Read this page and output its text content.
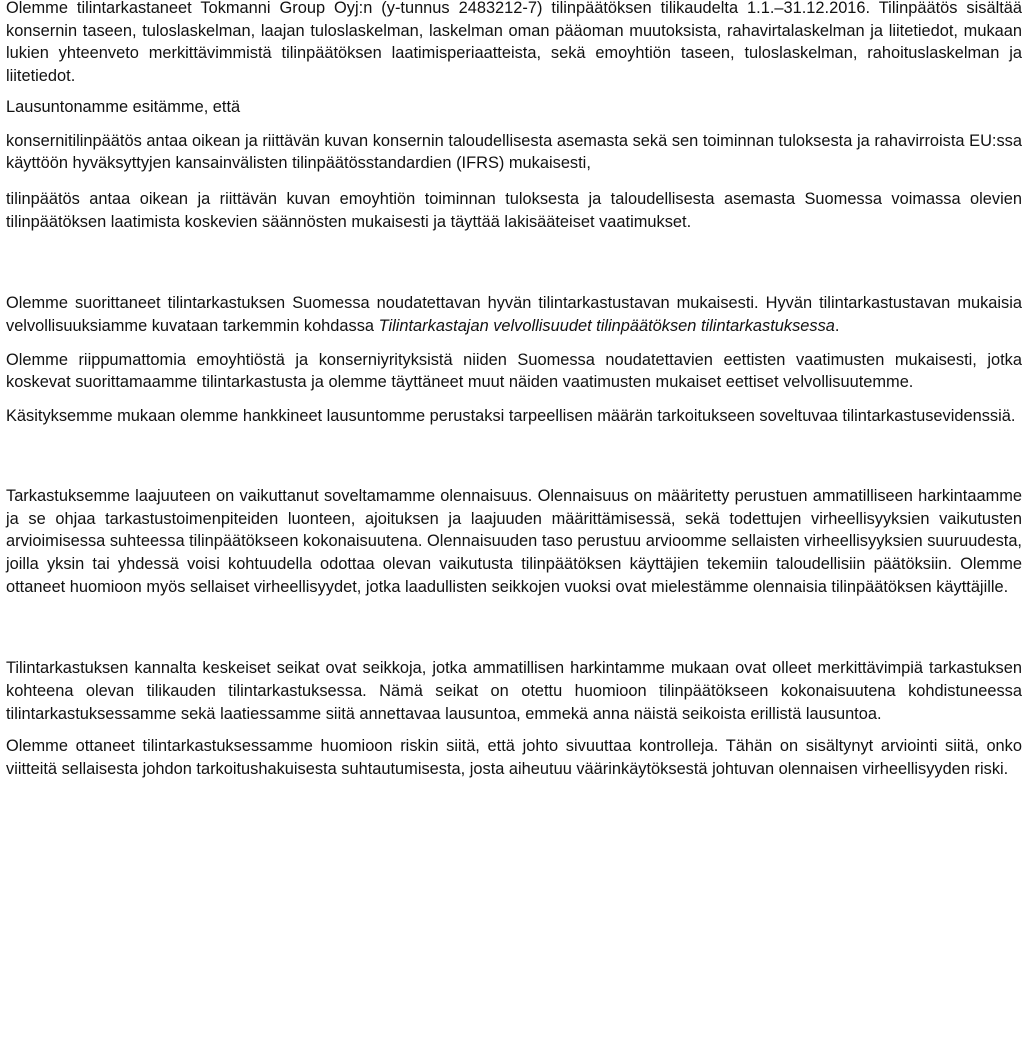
Olemme tilintarkastaneet Tokmanni Group Oyj:n (y-tunnus 2483212-7) tilinpäätöksen tilikaudelta 1.1.–31.12.2016. Tilinpäätös sisältää konsernin taseen, tuloslaskelman, laajan tuloslaskelman, laskelman oman pääoman muutoksista, rahavirtalaskelman ja liitetiedot, mukaan lukien yhteenveto merkittävimmistä tilinpäätöksen laatimisperiaatteista, sekä emoyhtiön taseen, tuloslaskelman, rahoituslaskelman ja liitetiedot.

Lausuntonamme esitämme, että

konsernitilinpäätös antaa oikean ja riittävän kuvan konsernin taloudellisesta asemasta sekä sen toiminnan tuloksesta ja rahavirroista EU:ssa käyttöön hyväksyttyjen kansainvälisten tilinpäätösstandardien (IFRS) mukaisesti,

tilinpäätös antaa oikean ja riittävän kuvan emoyhtiön toiminnan tuloksesta ja taloudellisesta asemasta Suomessa voimassa olevien tilinpäätöksen laatimista koskevien säännösten mukaisesti ja täyttää lakisääteiset vaatimukset.

Olemme suorittaneet tilintarkastuksen Suomessa noudatettavan hyvän tilintarkastustavan mukaisesti. Hyvän tilintarkastustavan mukaisia velvollisuuksiamme kuvataan tarkemmin kohdassa Tilintarkastajan velvollisuudet tilinpäätöksen tilintarkastuksessa.

Olemme riippumattomia emoyhtiöstä ja konserniyrityksistä niiden Suomessa noudatettavien eettisten vaatimusten mukaisesti, jotka koskevat suorittamaamme tilintarkastusta ja olemme täyttäneet muut näiden vaatimusten mukaiset eettiset velvollisuutemme.

Käsityksemme mukaan olemme hankkineet lausuntomme perustaksi tarpeellisen määrän tarkoitukseen soveltuvaa tilintarkastusevidenssiä.

Tarkastuksemme laajuuteen on vaikuttanut soveltamamme olennaisuus. Olennaisuus on määritetty perustuen ammatilliseen harkintaamme ja se ohjaa tarkastustoimenpiteiden luonteen, ajoituksen ja laajuuden määrittämisessä, sekä todettujen virheellisyyksien vaikutusten arvioimisessa suhteessa tilinpäätökseen kokonaisuutena. Olennaisuuden taso perustuu arvioomme sellaisten virheellisyyksien suuruudesta, joilla yksin tai yhdessä voisi kohtuudella odottaa olevan vaikutusta tilinpäätöksen käyttäjien tekemiin taloudellisiin päätöksiin. Olemme ottaneet huomioon myös sellaiset virheellisyydet, jotka laadullisten seikkojen vuoksi ovat mielestämme olennaisia tilinpäätöksen käyttäjille.

Tilintarkastuksen kannalta keskeiset seikat ovat seikkoja, jotka ammatillisen harkintamme mukaan ovat olleet merkittävimpiä tarkastuksen kohteena olevan tilikauden tilintarkastuksessa. Nämä seikat on otettu huomioon tilinpäätökseen kokonaisuutena kohdistuneessa tilintarkastuksessamme sekä laatiessamme siitä annettavaa lausuntoa, emmekä anna näistä seikoista erillistä lausuntoa.

Olemme ottaneet tilintarkastuksessamme huomioon riskin siitä, että johto sivuuttaa kontrolleja. Tähän on sisältynyt arviointi siitä, onko viitteitä sellaisesta johdon tarkoitushakuisesta suhtautumisesta, josta aiheutuu väärinkäytöksestä johtuvan olennaisen virheellisyyden riski.
